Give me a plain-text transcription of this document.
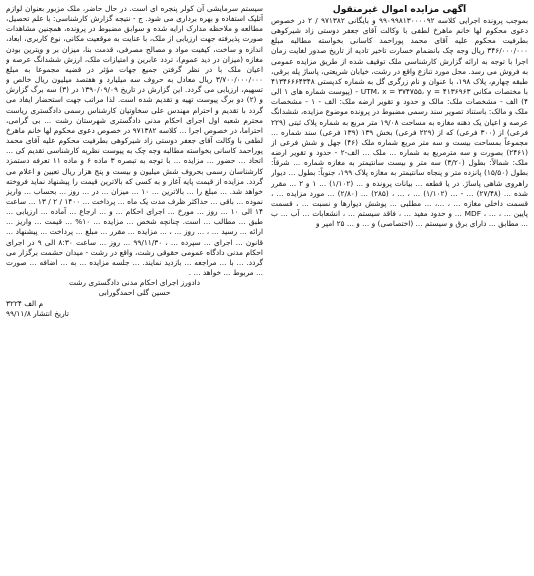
آگهی مزایده اموال غیرمنقول

بموجب پرونده اجرایی کلاسه ۹۹۰۹۹۸۱۳۰۰۰۰۹۲ و بایگانی ۹۷۱۳۸۲ / ۲ در خصوص دعوی محکوم لها خانم ماهرخ لطفی با وکالت آقای جعفر دوستی زاد شیرکوهی بطرفیت محکوم علیه آقای محمد پوراحمد کاسانی بخواسته مطالبه مبلغ ۳۴۶/۰۰۰/۰۰۰ ریال وجه چک بانضمام خسارت تاخیر تادیه از تاریخ صدور لغایت زمان اجرا با توجه به ارائه گزارش کارشناسی ملک توقیف شده از طریق مزایده عمومی به فروش می رسد. محل مورد تنازع واقع در رشت، خیابان شریعتی، پاساژ پله برقی، طبقه چهارم، پلاک ۱۹۸، با عنوان و نام زرگری گل به شماره کدپستی ۴۱۳۴۶۶۶۴۳۴۸ با مختصات مکانی UTM، x = ۳۷۴۷۵۵، y = ۴۱۳۶۹۶۳ - (پیوست شماره های ۱ الی ۴) الف - مشخصات ملک: مالک و حدود و تقویر ارضه ملک: الف - ۱ - مشخصات ملک و مالک: باستناد تصویر سند رسمی مضبوط در پرونده موضوع مزایده، ششدانگ عرصه و اعیان یک دهنه مغازه به مساحت ۱۹/۰۸ متر مربع به شماره پلاک ثبتی (۲۲۹ فرعی) از (۳۰۰ فرعی) که از (۲۲۹ فرعی) بخش ۱۳۹ (۱۳۹ فرعی) سند شماره ... مجموعاً بمساحت بیست و سه متر مربع شماره ملک (۴۶) جهل و شش فرعی از (۲۴۶۱) بصورت و سه مترمربع به شماره ... ملک ... الف-۲ - حدود و تقویر ارضه ملک: شمالاً: بطول (۳/۲۰) سه متر و بیست سانتیمتر به مغازه شماره ... شرقاً: بطول (۱۵/۵۰) پانزده متر و پنجاه سانتیمتر به مغازه پلاک ۱۹۹، جنوباً: بطول ... دیوار راهروی شاهی پاساژ. در یا قطعه ... بیانات پرونده و ... (۱/۱۰۲) ... ۱ و ۲ ... مقرر شده ... (۲۷/۴۸) ... - ... (۱/۱۰۲) ... ، ... ، (۲۸۵) ... (۲/۸۰) ... مورد مزایده ... ، قسمت داخلی مغازه ... ، ...، ... مطلبی ... پوشش دیوارها و نسبت ... ، قسمت پایین ... ، ... ، MDF ... و حدود مفید ... ، فاقد سیستم ... ، انشعابات ... آب ... ب ... مطابق ... دارای برق و سیستم ... (اختصاصی) و ... و ... ۲۵ امپر و

سیستم سرمایشی آن کولر پنجره ای است. در حال حاضر، ملک مزبور بعنوان لوازم آتلیک استفاده و بهره برداری می شود. ج - نتیجه گزارش کارشناسی: با علم تحصیل، مطالعه و ملاحظه مدارک ارایه شده و سوابق مضبوط در پرونده، همچنین مشاهدات صورت پذیرفته جهت ارزیابی از ملک، با عنایت به موقعیت مکانی، نوع کاربری، ابعاد، اندازه و ساخت، کیفیت مواد و مصالح مصرفی، قدمت بنا، میزان بر و ویترین بودن مغازه (میزان در دید عموم)، تردد عابرین و امتیازات ملک، ارزش ششدانگ عرصه و اعیان ملک با در نظر گرفتن جمیع جهات مؤثر در قضیه مجموعا به مبلغ ۳/۷۰۰/۰۰۰/۰۰۰ ریال معادل به حروف سه میلیارد و هفتصد میلیون ریال خالص و تسهیم، ارزیابی می گردد. این گزارش در تاریخ ۱۳۹۰/۰۹/۰۹ در (۳) سه برگ گزارش و (۲) دو برگ پیوست تهیه و تقدیم شده است. لذا مراتب جهت استحضار ایفاد می گردد با تقدیم و احترام مهندس علی سخاوتیان کارشناس رسمی دادگستری ریاست محترم شعبه اول اجرای احکام مدنی دادگستری شهرستان رشت ... بی گرامی، احتراما، در خصوص اجرا ... کلاسه ۹۷۱۳۸۲ در خصوص دعوی محکوم لها خانم ماهرخ لطفی با وکالت آقای جعفر دوستی زاد شیرکوهی بطرفیت محکوم علیه آقای محمد پوراحمد کاسانی بخواسته مطالبه وجه چک به پیوست نظریه کارشناسی تقدیم کی ... اتحاد ... حضور ... مزایده ... با توجه به تبصره ۳ ماده ۶ و ماده ۱۱ تعرفه دستمزد کارشناسان رسمی بحروف شش میلیون و بیست و پنج هزار ریال تعیین و اعلام می گردد. مزایده از قیمت پایه آغاز و به کسی که بالاترین قیمت را پیشنهاد نماید فروخته خواهد شد. ... مبلغ را ... بالاترین ... ۱۰ ... میزان ... در ... روز ... بحساب ... واریز نموده ... باقی ... حداکثر ظرف مدت یک ماه ... پرداخت ... ۱۴۰۰ / ۲ / ۱۳ ... ساعت ۱۴ الی ۱۰ ... روز ... مورخ ... اجرای احکام ... و ... ارجاع ... آماده ... ارزیابی ... طبق ... مطالب ... است. چنانچه شخص ... مزایده ... ۱۰% ... قیمت ... واریز ... ارائه ... رسید ... ، ... روز ... ، ... مزایده ... مقرر ... مبلغ ... پرداخت ... پیشنهاد ... قانون ... اجرای ... سپرده ... ، ۹۹/۱۱/۳۰ ... روز ... ساعت ۸:۳۰ الی ۹ در اجرای احکام مدنی دادگاه عمومی حقوقی رشت، واقع در رشت - میدان حشمت برگزار می گردد. ... با ... مراجعه ... بازدید نمایند. ... جلسه مزایده ... به ... اضافه ... صورت ... مربوط ... خواهد ... .

دادورز اجرای احکام مدنی دادگستری رشت

حسین گلی احمدگورابی

م الف ۳۲۲۴

تاریخ انتشار ۹۹/۱۱/۸
